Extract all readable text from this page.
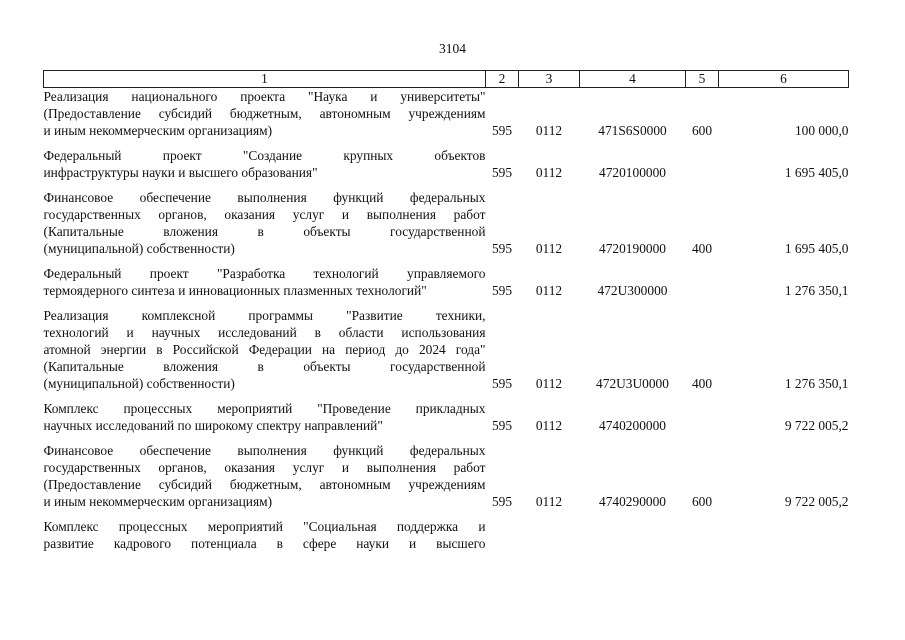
3104
1	2	3	4	5	6

Реализация национального проекта "Наука и университеты"
(Предоставление субсидий бюджетным, автономным учреждениям
и иным некоммерческим организациям)	595	0112	471S6S0000	600	100 000,0

Федеральный проект "Создание крупных объектов
инфраструктуры науки и высшего образования"	595	0112	4720100000		1 695 405,0

Финансовое обеспечение выполнения функций федеральных
государственных органов, оказания услуг и выполнения работ
(Капитальные вложения в объекты государственной
(муниципальной) собственности)	595	0112	4720190000	400	1 695 405,0

Федеральный проект "Разработка технологий управляемого
термоядерного синтеза и инновационных плазменных технологий"	595	0112	472U300000		1 276 350,1

Реализация комплексной программы "Развитие техники,
технологий и научных исследований в области использования
атомной энергии в Российской Федерации на период до 2024 года"
(Капитальные вложения в объекты государственной
(муниципальной) собственности)	595	0112	472U3U0000	400	1 276 350,1

Комплекс процессных мероприятий "Проведение прикладных
научных исследований по широкому спектру направлений"	595	0112	4740200000		9 722 005,2

Финансовое обеспечение выполнения функций федеральных
государственных органов, оказания услуг и выполнения работ
(Предоставление субсидий бюджетным, автономным учреждениям
и иным некоммерческим организациям)	595	0112	4740290000	600	9 722 005,2

Комплекс процессных мероприятий "Социальная поддержка и
развитие кадрового потенциала в сфере науки и высшего					
